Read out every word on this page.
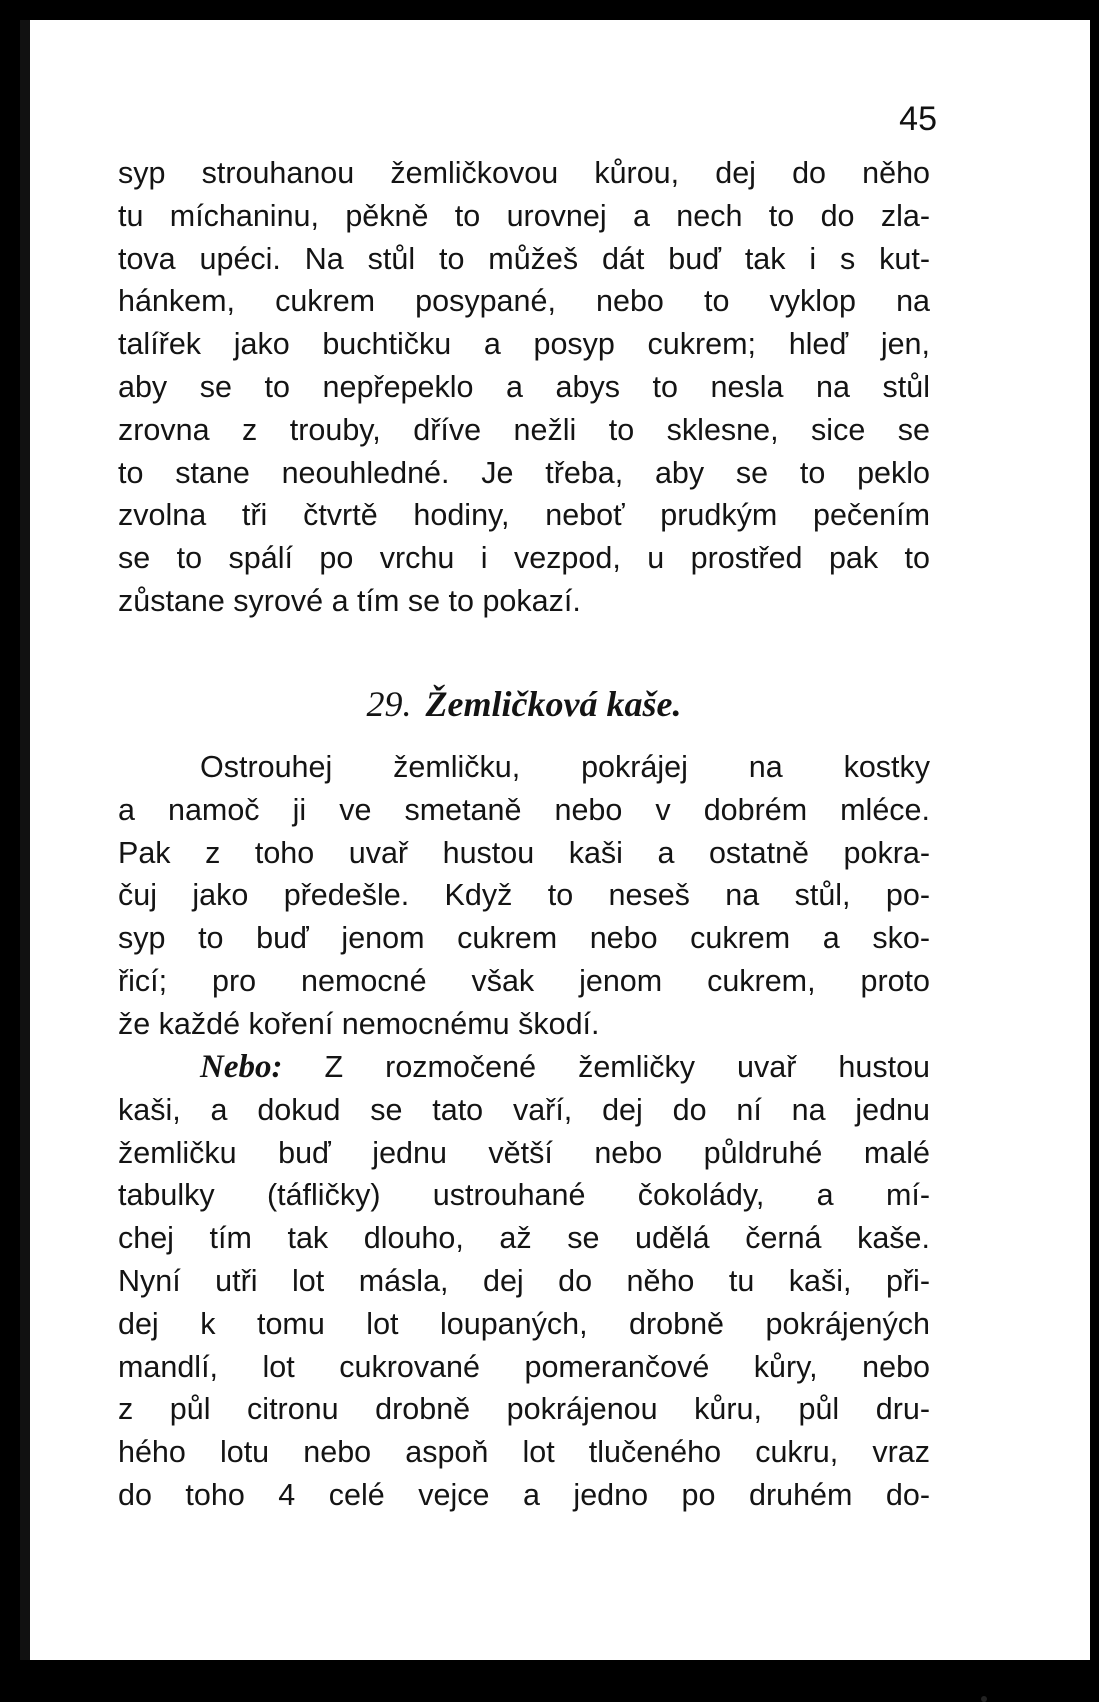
45

syp strouhanou žemličkovou kůrou, dej do něho
tu míchaninu, pěkně to urovnej a nech to do zla-
tova upéci. Na stůl to můžeš dát buď tak i s kut-
hánkem, cukrem posypané, nebo to vyklop na
talířek jako buchtičku a posyp cukrem; hleď jen,
aby se to nepřepeklo a abys to nesla na stůl
zrovna z trouby, dříve nežli to sklesne, sice se
to stane neouhledné. Je třeba, aby se to peklo
zvolna tři čtvrtě hodiny, neboť prudkým pečením
se to spálí po vrchu i vezpod, u prostřed pak to
zůstane syrové a tím se to pokazí.
29. Žemličková kaše.
Ostrouhej žemličku, pokrájej na kostky
a namoč ji ve smetaně nebo v dobrém mléce.
Pak z toho uvař hustou kaši a ostatně pokra-
čuj jako předešle. Když to neseš na stůl, po-
syp to buď jenom cukrem nebo cukrem a sko-
řicí; pro nemocné však jenom cukrem, proto
že každé koření nemocnému škodí.
Nebo: Z rozmočené žemličky uvař hustou
kaši, a dokud se tato vaří, dej do ní na jednu
žemličku buď jednu větší nebo půldruhé malé
tabulky (táfličky) ustrouhané čokolády, a mí-
chej tím tak dlouho, až se udělá černá kaše.
Nyní utři lot másla, dej do něho tu kaši, při-
dej k tomu lot loupaných, drobně pokrájených
mandlí, lot cukrované pomerančové kůry, nebo
z půl citronu drobně pokrájenou kůru, půl dru-
hého lotu nebo aspoň lot tlučeného cukru, vraz
do toho 4 celé vejce a jedno po druhém do-
